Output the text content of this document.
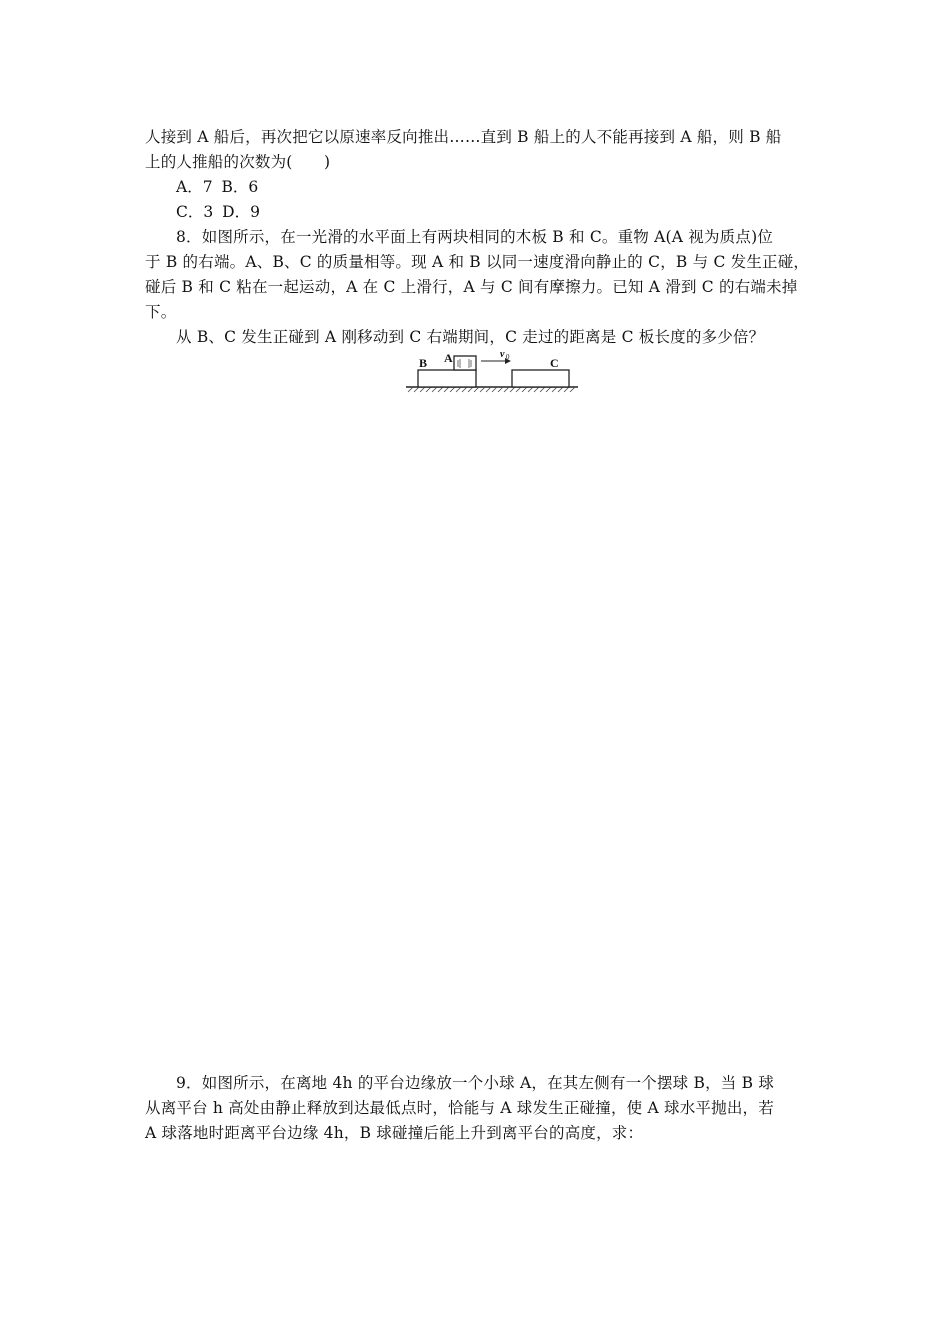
人接到 A 船后，再次把它以原速率反向推出……直到 B 船上的人不能再接到 A 船，则 B 船
上的人推船的次数为(　　)
A．7 B．6
C．3 D．9
8．如图所示，在一光滑的水平面上有两块相同的木板 B 和 C。重物 A(A 视为质点)位
于 B 的右端。A、B、C 的质量相等。现 A 和 B 以同一速度滑向静止的 C，B 与 C 发生正碰，
碰后 B 和 C 粘在一起运动，A 在 C 上滑行，A 与 C 间有摩擦力。已知 A 滑到 C 的右端未掉
下。
从 B、C 发生正碰到 A 刚移动到 C 右端期间，C 走过的距离是 C 板长度的多少倍？
B A	C
v 0
9．如图所示，在离地 4h 的平台边缘放一个小球 A，在其左侧有一个摆球 B，当 B 球
从离平台 h 高处由静止释放到达最低点时，恰能与 A 球发生正碰撞，使 A 球水平抛出，若
A 球落地时距离平台边缘 4h，B 球碰撞后能上升到离平台的高度，求：
